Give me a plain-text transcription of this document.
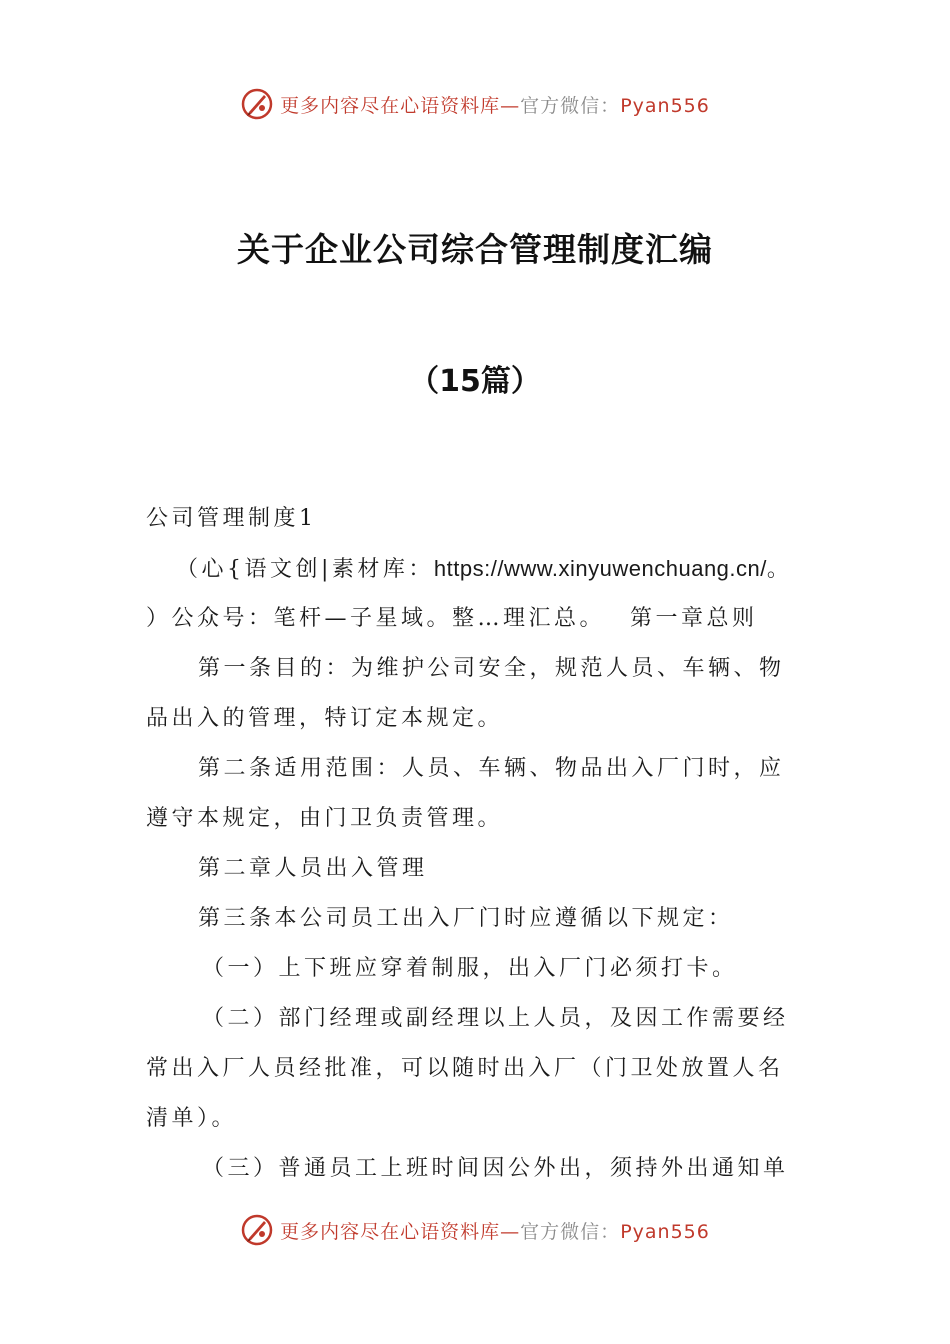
更多内容尽在心语资料库—官方微信：Pyan556
关于企业公司综合管理制度汇编
（15篇）
公司管理制度1
（心{语文创|素材库：https://www.xinyuwenchuang.cn/。
）公众号：笔杆—子星域。整…理汇总。　 第一章总则
第一条目的：为维护公司安全，规范人员、车辆、物
品出入的管理，特订定本规定。
第二条适用范围：人员、车辆、物品出入厂门时，应
遵守本规定，由门卫负责管理。
第二章人员出入管理
第三条本公司员工出入厂门时应遵循以下规定：
（一）上下班应穿着制服，出入厂门必须打卡。
（二）部门经理或副经理以上人员，及因工作需要经
常出入厂人员经批准，可以随时出入厂（门卫处放置人名
清单）。
（三）普通员工上班时间因公外出，须持外出通知单
更多内容尽在心语资料库—官方微信：Pyan556
